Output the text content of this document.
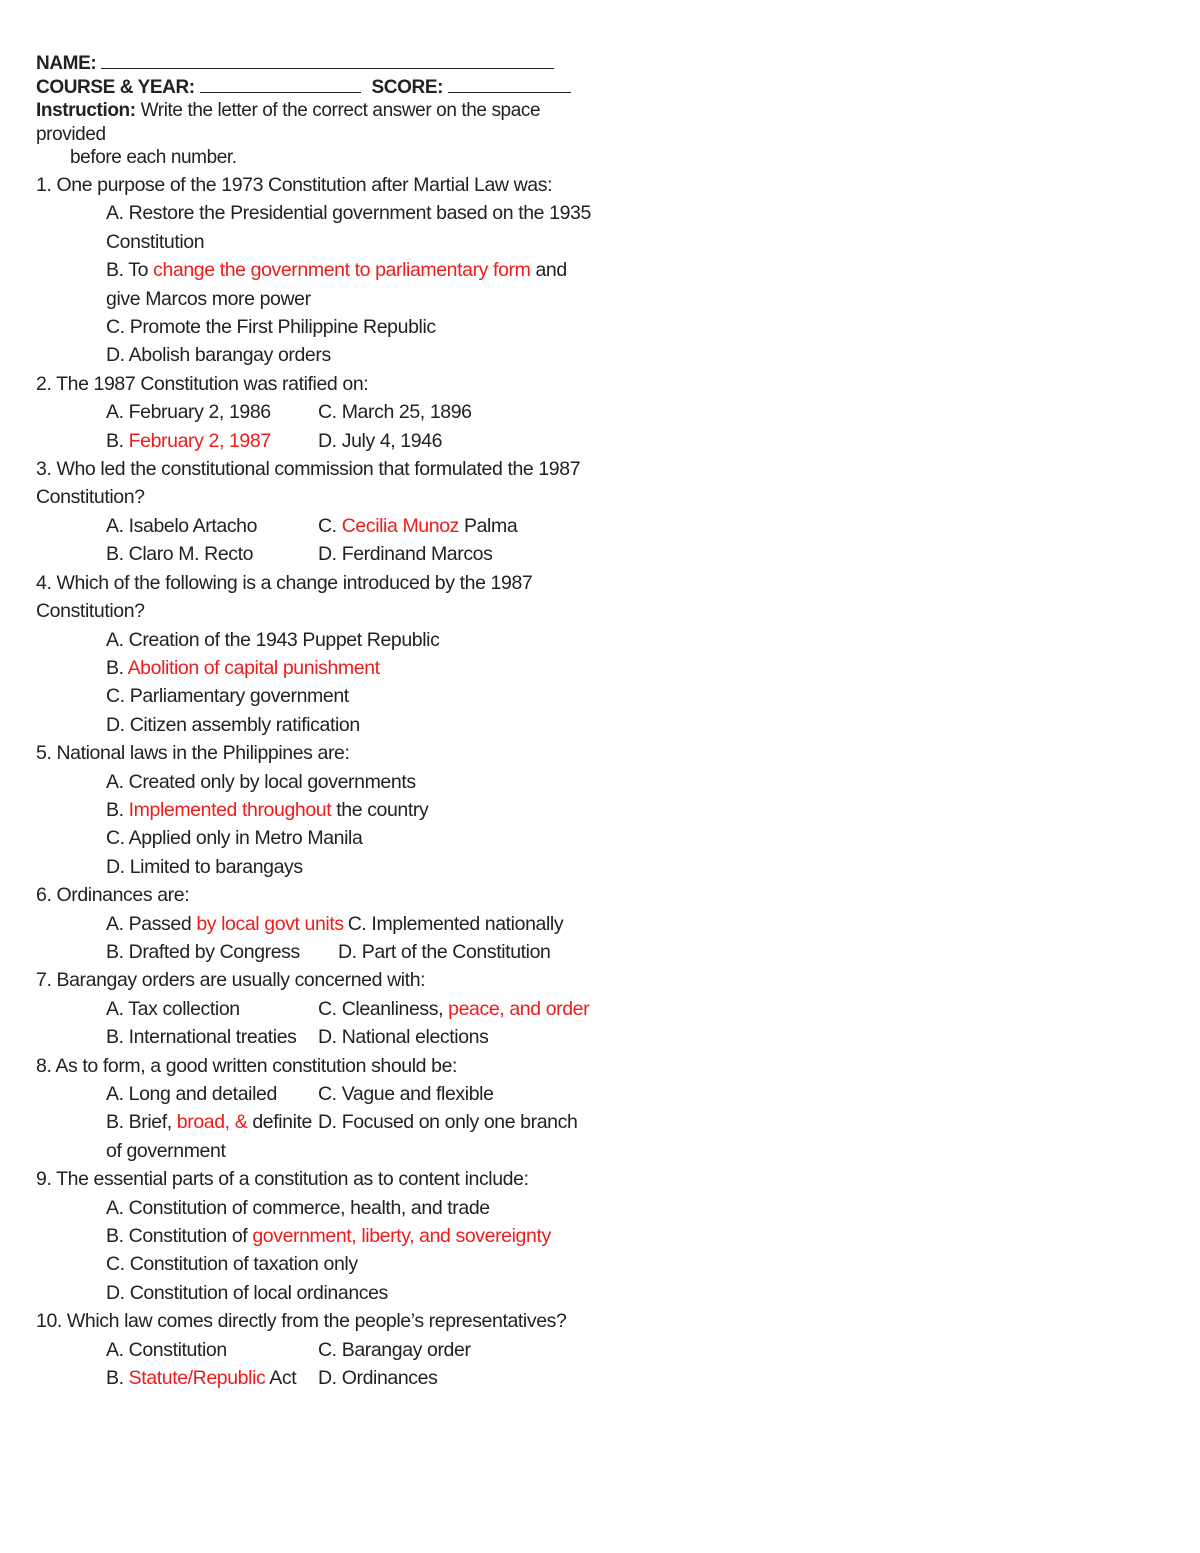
NAME:
COURSE & YEAR:	SCORE:
Instruction: Write the letter of the correct answer on the space provided
before each number.
1. One purpose of the 1973 Constitution after Martial Law was:
A. Restore the Presidential government based on the 1935
Constitution
B. To change the government to parliamentary form and
give Marcos more power
C. Promote the First Philippine Republic
D. Abolish barangay orders
2. The 1987 Constitution was ratified on:
A. February 2, 1986	C. March 25, 1896
B. February 2, 1987	D. July 4, 1946
3. Who led the constitutional commission that formulated the 1987
Constitution?
A. Isabelo Artacho	C. Cecilia Munoz Palma
B. Claro M. Recto	D. Ferdinand Marcos
4. Which of the following is a change introduced by the 1987
Constitution?
A. Creation of the 1943 Puppet Republic
B. Abolition of capital punishment
C. Parliamentary government
D. Citizen assembly ratification
5. National laws in the Philippines are:
A. Created only by local governments
B. Implemented throughout the country
C. Applied only in Metro Manila
D. Limited to barangays
6. Ordinances are:
A. Passed by local govt units C. Implemented nationally
B. Drafted by Congress	D. Part of the Constitution
7. Barangay orders are usually concerned with:
A. Tax collection	C. Cleanliness, peace, and order
B. International treaties	D. National elections
8. As to form, a good written constitution should be:
A. Long and detailed	C. Vague and flexible
B. Brief, broad, & definite D. Focused on only one branch
of government
9. The essential parts of a constitution as to content include:
A. Constitution of commerce, health, and trade
B. Constitution of government, liberty, and sovereignty
C. Constitution of taxation only
D. Constitution of local ordinances
10. Which law comes directly from the people’s representatives?
A. Constitution	C. Barangay order
B. Statute/Republic Act	D. Ordinances
